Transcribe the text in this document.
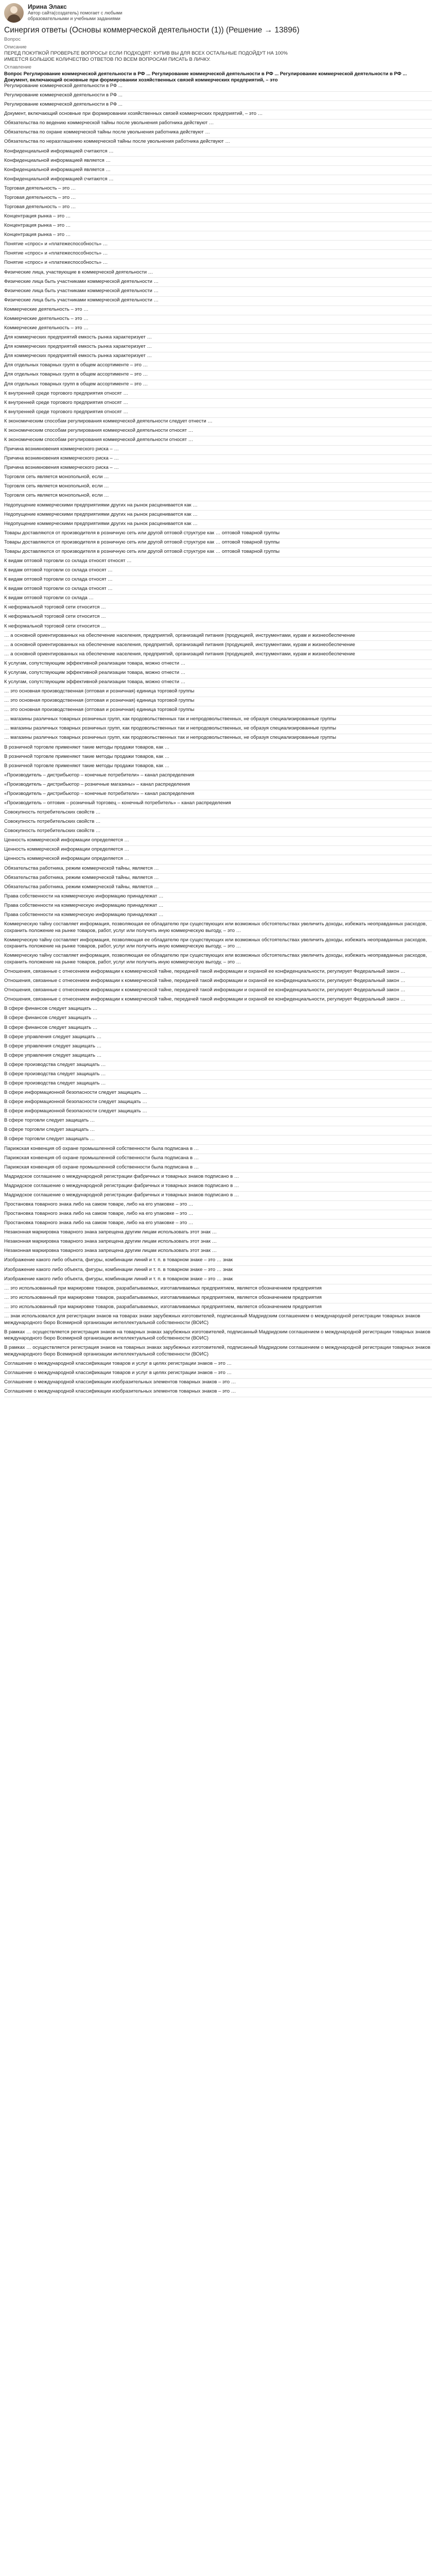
Ирина Элакс
Автор сайта(создатель) помогает с любыми образовательными и учебными заданиями
Синергия ответы (Основы коммерческой деятельности (1)) (Решение → 13896)
Вопрос
Описание
ПЕРЕД ПОКУПКОЙ ПРОВЕРЬТЕ ВОПРОСЫ! ЕСЛИ ПОДХОДЯТ: КУПИВ ВЫ ДЛЯ ВСЕХ ОСТАЛЬНЫЕ ПОДОЙДУТ НА 100%
ИМЕЕТСЯ БОЛЬШОЕ КОЛИЧЕСТВО ОТВЕТОВ ПО ВСЕМ ВОПРОСАМ ПИСАТЬ В ЛИЧКУ.
Оглавление
Вопрос Регулирование коммерческой деятельности в РФ ... Регулирование коммерческой деятельности в РФ ... Регулирование коммерческой деятельности в РФ ... Документ, включающий основные при формировании хозяйственных связей коммерческих предприятий, – это
Регулирование коммерческой деятельности в РФ ...
Регулирование коммерческой деятельности в РФ ...
Регулирование коммерческой деятельности в РФ ...
Документ, включающий основные при формировании хозяйственных связей коммерческих предприятий, – это …
Обязательства по ведению коммерческой тайны после увольнения работника действуют …
Обязательства по охране коммерческой тайны после увольнения работника действуют …
Обязательства по неразглашению коммерческой тайны после увольнения работника действуют …
Конфиденциальной информацией считаются …
Конфиденциальной информацией является …
Конфиденциальной информацией является …
Конфиденциальной информацией считаются …
Торговая деятельность – это …
Торговая деятельность – это …
Торговая деятельность – это …
Концентрация рынка – это …
Концентрация рынка – это …
Концентрация рынка – это …
Понятие «спрос» и «платежеспособность» …
Понятие «спрос» и «платежеспособность» …
Понятие «спрос» и «платежеспособность» …
Физические лица, участвующие в коммерческой деятельности …
Физические лица быть участниками коммерческой деятельности …
Физические лица быть участниками коммерческой деятельности …
Физические лица быть участниками коммерческой деятельности …
Коммерческие деятельность – это …
Коммерческие деятельность – это …
Коммерческие деятельность – это …
Для коммерческих предприятий емкость рынка характеризует …
Для коммерческих предприятий емкость рынка характеризует …
Для коммерческих предприятий емкость рынка характеризует …
Для отдельных товарных групп в общем ассортименте – это …
Для отдельных товарных групп в общем ассортименте – это …
Для отдельных товарных групп в общем ассортименте – это …
К внутренней среде торгового предприятия относят …
К внутренней среде торгового предприятия относят …
К внутренней среде торгового предприятия относят …
К экономическим способам регулирования коммерческой деятельности следует отнести …
К экономическим способам регулирования коммерческой деятельности относят …
К экономическим способам регулирования коммерческой деятельности относят …
Причина возникновения коммерческого риска – …
Причина возникновения коммерческого риска – …
Причина возникновения коммерческого риска – …
Торговля сеть является монопольной, если …
Торговля сеть является монопольной, если …
Торговля сеть является монопольной, если …
Недопущение коммерческими предприятиями других на рынок расценивается как …
Недопущение коммерческими предприятиями других на рынок расценивается как …
Недопущение коммерческими предприятиями других на рынок расценивается как …
Товары доставляются от производителя в розничную сеть или другой оптовой структуре как … оптовой товарной группы
Товары доставляются от производителя в розничную сеть или другой оптовой структуре как … оптовой товарной группы
Товары доставляются от производителя в розничную сеть или другой оптовой структуре как … оптовой товарной группы
К видам оптовой торговли со склада относят относят …
К видам оптовой торговли со склада относят …
К видам оптовой торговли со склада относят …
К видам оптовой торговли со склада относят …
К видам оптовой торговли со склада …
К неформальной торговой сети относится …
К неформальной торговой сети относится …
К неформальной торговой сети относится …
… а основной ориентированных на обеспечение населения, предприятий, организаций питания (продукцией, инструментами, курам и жизнеобеспечение
… а основной ориентированных на обеспечение населения, предприятий, организаций питания (продукцией, инструментами, курам и жизнеобеспечение
… а основной ориентированных на обеспечение населения, предприятий, организаций питания (продукцией, инструментами, курам и жизнеобеспечение
К услугам, сопутствующим эффективной реализации товара, можно отнести …
К услугам, сопутствующим эффективной реализации товара, можно отнести …
К услугам, сопутствующим эффективной реализации товара, можно отнести …
… это основная производственная (оптовая и розничная) единица торговой группы
… это основная производственная (оптовая и розничная) единица торговой группы
… это основная производственная (оптовая и розничная) единица торговой группы
… магазины различных товарных розничных групп, как продовольственных так и непродовольственных, не образуя специализированные группы
… магазины различных товарных розничных групп, как продовольственных так и непродовольственных, не образуя специализированные группы
… магазины различных товарных розничных групп, как продовольственных так и непродовольственных, не образуя специализированные группы
В розничной торговле применяют такие методы продажи товаров, как …
В розничной торговле применяют такие методы продажи товаров, как …
В розничной торговле применяют такие методы продажи товаров, как …
«Производитель – дистрибьютор – конечные потребители» – канал распределения
«Производитель – дистрибьютор – розничные магазины» – канал распределения
«Производитель – дистрибьютор – конечные потребители» – канал распределения
«Производитель – оптовик – розничный торговец – конечный потребитель» – канал распределения
Совокупность потребительских свойств …
Совокупность потребительских свойств …
Совокупность потребительских свойств …
Ценность коммерческой информации определяется …
Ценность коммерческой информации определяется …
Ценность коммерческой информации определяется …
Обязательства работника, режим коммерческой тайны, является …
Обязательства работника, режим коммерческой тайны, является …
Обязательства работника, режим коммерческой тайны, является …
Права собственности на коммерческую информацию принадлежат …
Права собственности на коммерческую информацию принадлежат …
Права собственности на коммерческую информацию принадлежат …
Коммерческую тайну составляет информация, позволяющая ее обладателю при существующих или возможных обстоятельствах увеличить доходы, избежать неоправданных расходов, сохранить положение на рынке товаров, работ, услуг или получить иную коммерческую выгоду, – это …
Коммерческую тайну составляет информация, позволяющая ее обладателю при существующих или возможных обстоятельствах увеличить доходы, избежать неоправданных расходов, сохранить положение на рынке товаров, работ, услуг или получить иную коммерческую выгоду, – это …
Коммерческую тайну составляет информация, позволяющая ее обладателю при существующих или возможных обстоятельствах увеличить доходы, избежать неоправданных расходов, сохранить положение на рынке товаров, работ, услуг или получить иную коммерческую выгоду, – это …
Отношения, связанные с отнесением информации к коммерческой тайне, передачей такой информации и охраной ее конфиденциальности, регулирует Федеральный закон …
Отношения, связанные с отнесением информации к коммерческой тайне, передачей такой информации и охраной ее конфиденциальности, регулирует Федеральный закон …
Отношения, связанные с отнесением информации к коммерческой тайне, передачей такой информации и охраной ее конфиденциальности, регулирует Федеральный закон …
Отношения, связанные с отнесением информации к коммерческой тайне, передачей такой информации и охраной ее конфиденциальности, регулирует Федеральный закон …
В сфере финансов следует защищать …
В сфере финансов следует защищать …
В сфере финансов следует защищать …
В сфере управления следует защищать …
В сфере управления следует защищать …
В сфере управления следует защищать …
В сфере производства следует защищать …
В сфере производства следует защищать …
В сфере производства следует защищать …
В сфере информационной безопасности следует защищать …
В сфере информационной безопасности следует защищать …
В сфере информационной безопасности следует защищать …
В сфере торговли следует защищать …
В сфере торговли следует защищать …
В сфере торговли следует защищать …
Парижская конвенция об охране промышленной собственности была подписана в …
Парижская конвенция об охране промышленной собственности была подписана в …
Парижская конвенция об охране промышленной собственности была подписана в …
Мадридское соглашение о международной регистрации фабричных и товарных знаков подписано в …
Мадридское соглашение о международной регистрации фабричных и товарных знаков подписано в …
Мадридское соглашение о международной регистрации фабричных и товарных знаков подписано в …
Простановка товарного знака либо на самом товаре, либо на его упаковке – это …
Простановка товарного знака либо на самом товаре, либо на его упаковке – это …
Простановка товарного знака либо на самом товаре, либо на его упаковке – это …
Незаконная маркировка товарного знака запрещена другим лицам использовать этот знак …
Незаконная маркировка товарного знака запрещена другим лицам использовать этот знак …
Незаконная маркировка товарного знака запрещена другим лицам использовать этот знак …
Изображение какого либо объекта, фигуры, комбинации линий и т. п. в товарном знаке – это … знак
Изображение какого либо объекта, фигуры, комбинации линий и т. п. в товарном знаке – это … знак
Изображение какого либо объекта, фигуры, комбинации линий и т. п. в товарном знаке – это … знак
… это использованный при маркировке товаров, разрабатываемых, изготавливаемых предприятием, является обозначением предприятия
… это использованный при маркировке товаров, разрабатываемых, изготавливаемых предприятием, является обозначением предприятия
… это использованный при маркировке товаров, разрабатываемых, изготавливаемых предприятием, является обозначением предприятия
… знак использовался для регистрации знаков на товарах знаки зарубежных изготовителей, подписанный Мадридским соглашением о международной регистрации товарных знаков международного бюро Всемирной организации интеллектуальной собственности (ВОИС)
В рамках … осуществляется регистрация знаков на товарных знаках зарубежных изготовителей, подписанный Мадридским соглашением о международной регистрации товарных знаков международного бюро Всемирной организации интеллектуальной собственности (ВОИС)
В рамках … осуществляется регистрация знаков на товарных знаках зарубежных изготовителей, подписанный Мадридским соглашением о международной регистрации товарных знаков международного бюро Всемирной организации интеллектуальной собственности (ВОИС)
Соглашение о международной классификации товаров и услуг в целях регистрации знаков – это …
Соглашение о международной классификации товаров и услуг в целях регистрации знаков – это …
Соглашение о международной классификации изобразительных элементов товарных знаков – это …
Соглашение о международной классификации изобразительных элементов товарных знаков – это …
